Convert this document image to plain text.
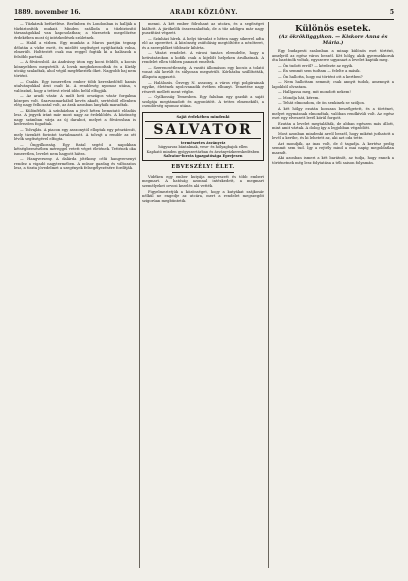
1889. november 16.	ARADI KÖZLÖNY.	5

— Tűzkáruk befürélése. Berlinben és Londonban is hallják a tűzbiztosítók mukait. Minden szálloda a tűzbiztosító társaságokkal van kapcsolatban; a tűzesetek megelőzése érdekében most új intézkedések születnek.

— Halál a vízben. Egy munkás a Maros partján tegnap délután a vízbe esett, és mielőtt segítséget nyújthattak volna, elmerült. Holttestét csak ma reggel fogták ki a halászok a felsőbb partnál.

— A fővárosból. Az Andrássy úton egy kocsi feldőlt, a kocsis könnyebben megsérült. A lovak megbokrosodtak és a Király utcáig szaladtak, ahol végül megfékezték őket. Nagyobb baj nem történt.

— Csalás. Egy ismeretlen ember több kereskedőtől hamis utalványokkal árut csalt ki. A rendőrség nyomoz utána, s valószínű, hogy a tettest rövid időn belül elfogják.

— Az aradi vásár. A múlt heti országos vásár forgalma közepes volt. Szarvasmarhából kevés akadt, sertésből ellenben elég nagy felhozatal volt, az árak azonban lanyhák maradtak.

— Különfélék. A színházban a jövő héten bemutató előadás lesz. A jegyek iránt már most nagy az érdeklődés. A közönség nagy számban várja az új darabot, melyet a fővárosban is kedvezően fogadtak.

— Tolvajlás. A piacon egy asszonytól elloptak egy pénztárcát, mely tizenkét forintot tartalmazott. A tolvajt a rendőr az ott lévők segítségével elfogta.

— Öngyilkosság. Egy fiatal segéd a napokban kétségbeesésében méreggel vetett véget életének. Tettének oka ismeretlen, levelet nem hagyott hátra.

— Hangverseny. A dalárda jótékony célú hangversenyt rendez a vigadó nagytermében. A műsor gazdag és változatos lesz, a tiszta jövedelmet a szegények felsegélyezésére fordítják.

menni. A két ember fölrohant az utcára, és a segítséget kiáltott. A járókelők összeszaladtak, de a tűz addigra már nagy pusztítást végzett.

— Színházi hírek. A helyi társulat e héten nagy sikerrel adta elő az operettet. A közönség zsúfolásig megtöltötte a nézőteret, és a szereplőket többször kihívta.

— Vásári rendelet. A városi tanács elrendelte, hogy a hetivásárokon a kofák csak a kijelölt helyeken árulhatnak. A rendelet ellen többen panaszt emeltek.

— Szerencsétlenség. A vasúti állomáson egy kocsis a tolató vonat alá került és súlyosan megsérült. Kórházba szállították, állapota aggasztó.

— Halálozás. Özvegy N. asszony, a város régi polgárainak egyike, életének nyolcvanadik évében elhunyt. Temetése nagy részvét mellett ment végbe.

— Gyilkosság Temesben. Egy faluban egy gazdát a saját szolgája megtámadott és agyonütött. A tettes elmenekült, a csendőrség nyomoz utána.

Saját érdekében mindenki
SALVATOR
természetes ásványvíz
húgysavas bántalmak, vese- és hólyagbajok ellen
Kapható minden gyógyszertárban és ásványvízkereskedésben
Salvator-forrás igazgatósága Eperjesen
EBVESZÉLY! ÉLET.

Vidéken egy ember kutyája megveszett és több embert megmart. A hatóság azonnal intézkedett, a megmart személyeket orvosi kezelés alá vették.

Figyelmeztetjük a közönséget, hogy a kutyákat szájkosár nélkül ne engedje az utcára, mert a rendelet megszegőit szigorúan megbüntetik.

Különös esetek.
(Az ökrökliggyikon. — Kiskore Anna és Mária.)

Egy budapesti szalonban a minap különös eset történt, amelyről az egész város beszél. Két hölgy, akik gyermekkoruk óta barátnők voltak, egyszerre ugyanazt a levelet kapták meg.

— Ön tudott erről? — kérdezte az egyik.

— Én semmit sem tudtam — felelte a másik.

— Ön hallotta, hogy mi történt ott a kertben?

— Nem hallottam semmit; csak annyit tudok, amennyit a lapokból olvastam.

— Hallgassa meg, mit mondott nekem!

— Mondja hát, kérem.

— Tehát elmondom, de ön senkinek se szóljon.

A két hölgy ezután hosszan beszélgetett, és a történet, melyet egymásnak elmondtak, valóban rendkívüli volt. Az egész eset egy elveszett levél körül forgott.

Ezután a levelet megtalálták, de abban egészen más állott, mint amit vártak. A dolog így a legjobban végződött.

Most azonban mindenki arról beszél, hogy miként juthatott a levél a kertbe, és ki lehetett az, aki azt oda tette.

Azt mondják, az inas volt, de ő tagadja. A kertész pedig semmit sem tud. Így a rejtély mind a mai napig megoldatlan maradt.

Aki azonban ismeri a két barátnőt, az tudja, hogy ennek a történetnek még lesz folytatása a téli saison folyamán.
